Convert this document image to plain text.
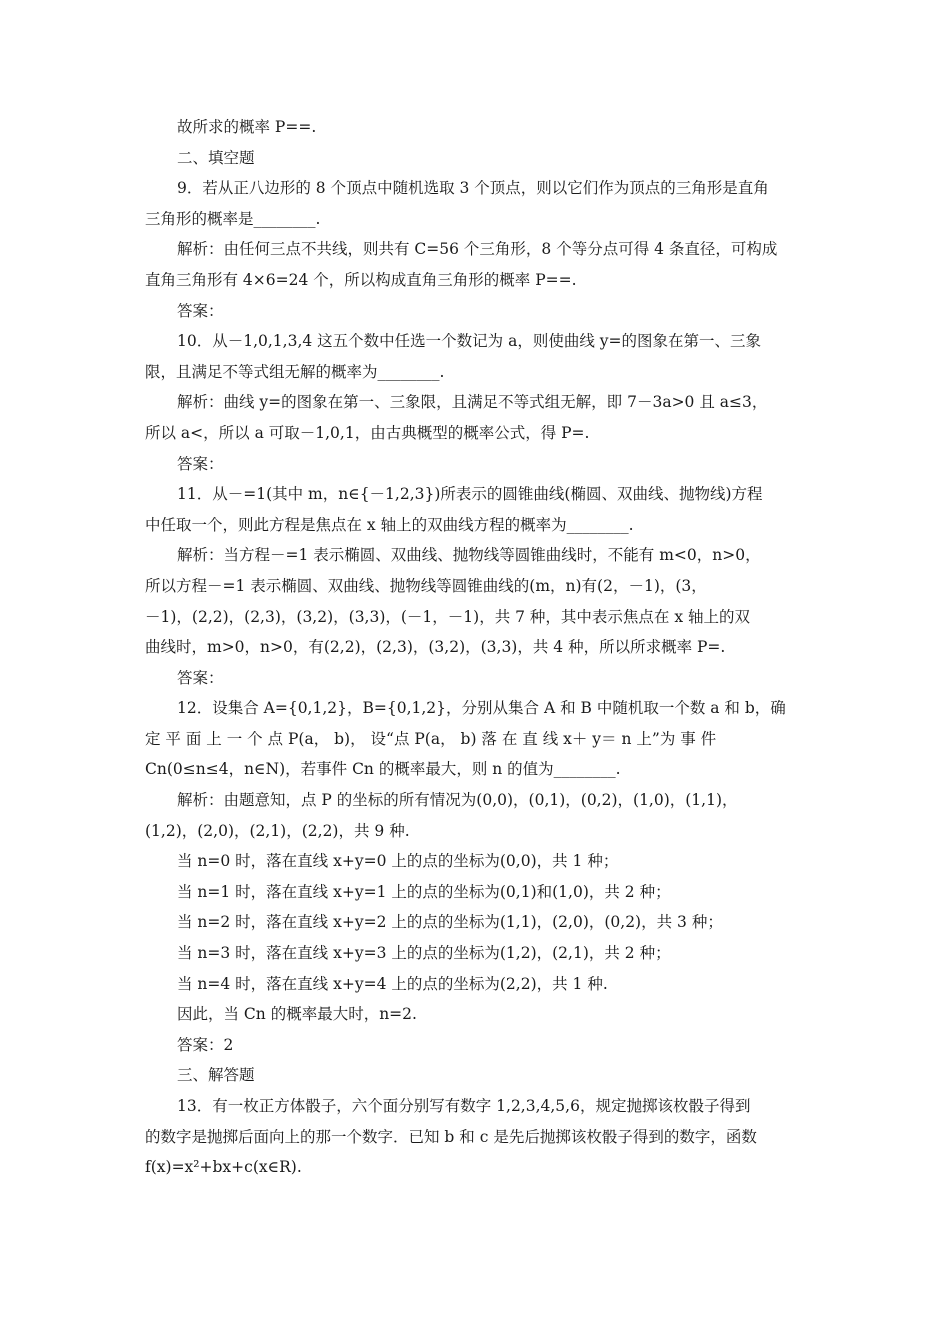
故所求的概率 P==.
二、填空题
9．若从正八边形的 8 个顶点中随机选取 3 个顶点，则以它们作为顶点的三角形是直角
三角形的概率是________.
解析：由任何三点不共线，则共有 C=56 个三角形，8 个等分点可得 4 条直径，可构成
直角三角形有 4×6=24 个，所以构成直角三角形的概率 P==.
答案：
10．从－1,0,1,3,4 这五个数中任选一个数记为 a，则使曲线 y=的图象在第一、三象
限，且满足不等式组无解的概率为________.
解析：曲线 y=的图象在第一、三象限，且满足不等式组无解，即 7－3a>0 且 a≤3，
所以 a<，所以 a 可取－1,0,1，由古典概型的概率公式，得 P=.
答案：
11．从－=1(其中 m，n∈{－1,2,3})所表示的圆锥曲线(椭圆、双曲线、抛物线)方程
中任取一个，则此方程是焦点在 x 轴上的双曲线方程的概率为________.
解析：当方程－=1 表示椭圆、双曲线、抛物线等圆锥曲线时，不能有 m<0，n>0，
所以方程－=1 表示椭圆、双曲线、抛物线等圆锥曲线的(m，n)有(2，－1)，(3，
－1)，(2,2)，(2,3)，(3,2)，(3,3)，(－1，－1)，共 7 种，其中表示焦点在 x 轴上的双
曲线时，m>0，n>0，有(2,2)，(2,3)，(3,2)，(3,3)，共 4 种，所以所求概率 P=.
答案：
12．设集合 A={0,1,2}，B={0,1,2}，分别从集合 A 和 B 中随机取一个数 a 和 b，确
定 平 面 上 一 个 点 P(a， b)， 设“点 P(a， b) 落 在 直 线 x＋ y＝ n 上”为 事 件
Cn(0≤n≤4，n∈N)，若事件 Cn 的概率最大，则 n 的值为________.
解析：由题意知，点 P 的坐标的所有情况为(0,0)，(0,1)，(0,2)，(1,0)，(1,1)，
(1,2)，(2,0)，(2,1)，(2,2)，共 9 种.
当 n=0 时，落在直线 x+y=0 上的点的坐标为(0,0)，共 1 种；
当 n=1 时，落在直线 x+y=1 上的点的坐标为(0,1)和(1,0)，共 2 种；
当 n=2 时，落在直线 x+y=2 上的点的坐标为(1,1)，(2,0)，(0,2)，共 3 种；
当 n=3 时，落在直线 x+y=3 上的点的坐标为(1,2)，(2,1)，共 2 种；
当 n=4 时，落在直线 x+y=4 上的点的坐标为(2,2)，共 1 种.
因此，当 Cn 的概率最大时，n=2.
答案：2
三、解答题
13．有一枚正方体骰子，六个面分别写有数字 1,2,3,4,5,6，规定抛掷该枚骰子得到
的数字是抛掷后面向上的那一个数字．已知 b 和 c 是先后抛掷该枚骰子得到的数字，函数
f(x)=x²+bx+c(x∈R).
